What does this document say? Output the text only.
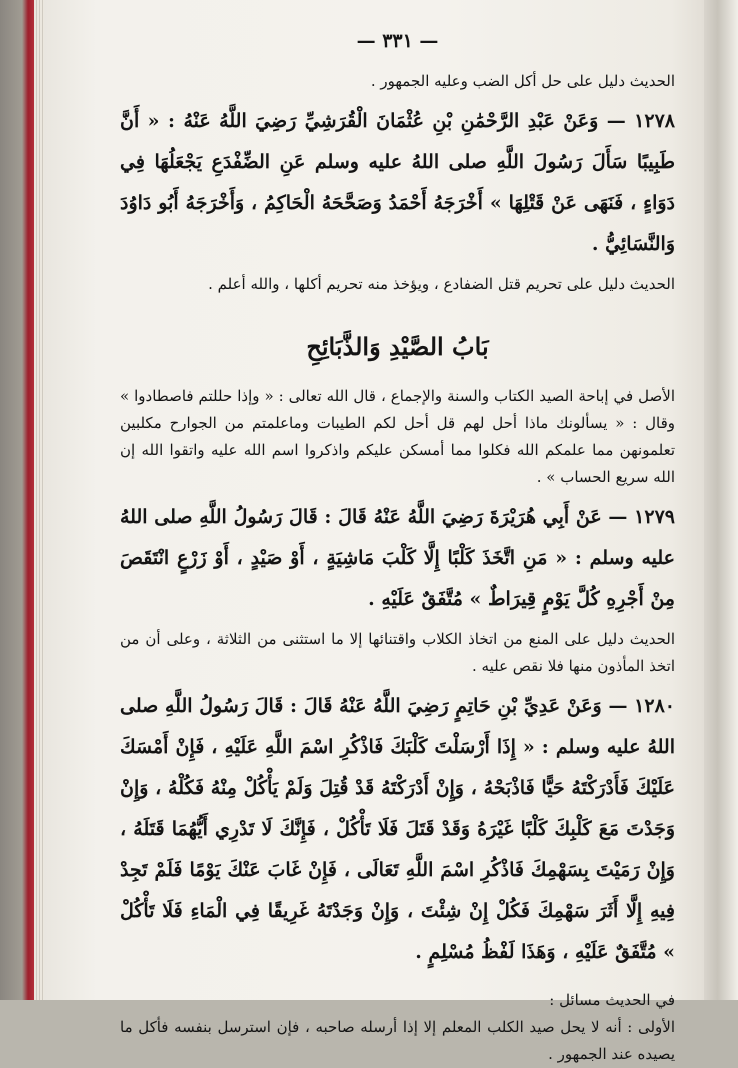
— ٣٣١ —

الحديث دليل على حل أكل الضب وعليه الجمهور .

١٢٧٨ — وَعَنْ عَبْدِ الرَّحْمَٰنِ بْنِ عُثْمَانَ الْقُرَشِيِّ رَضِيَ اللَّهُ عَنْهُ : « أَنَّ طَبِيبًا سَأَلَ رَسُولَ اللَّهِ صلى اللهُ عليه وسلم عَنِ الضِّفْدَعِ يَجْعَلُهَا فِي دَوَاءٍ ، فَنَهَى عَنْ قَتْلِهَا » أَخْرَجَهُ أَحْمَدُ وَصَحَّحَهُ الْحَاكِمُ ، وَأَخْرَجَهُ أَبُو دَاوُدَ وَالنَّسَائِيُّ .

الحديث دليل على تحريم قتل الضفادع ، ويؤخذ منه تحريم أكلها ، والله أعلم .

بَابُ الصَّيْدِ وَالذَّبَائِحِ

الأصل في إباحة الصيد الكتاب والسنة والإجماع ، قال الله تعالى : « وإذا حللتم فاصطادوا » وقال : « يسألونك ماذا أحل لهم قل أحل لكم الطيبات وماعلمتم من الجوارح مكلبين تعلمونهن مما علمكم الله فكلوا مما أمسكن عليكم واذكروا اسم الله عليه واتقوا الله إن الله سريع الحساب » .

١٢٧٩ — عَنْ أَبِي هُرَيْرَةَ رَضِيَ اللَّهُ عَنْهُ قَالَ : قَالَ رَسُولُ اللَّهِ صلى اللهُ عليه وسلم : « مَنِ اتَّخَذَ كَلْبًا إِلَّا كَلْبَ مَاشِيَةٍ ، أَوْ صَيْدٍ ، أَوْ زَرْعٍ انْتَقَصَ مِنْ أَجْرِهِ كُلَّ يَوْمٍ قِيرَاطٌ » مُتَّفَقٌ عَلَيْهِ .

الحديث دليل على المنع من اتخاذ الكلاب واقتنائها إلا ما استثنى من الثلاثة ، وعلى أن من اتخذ المأذون منها فلا نقص عليه .

١٢٨٠ — وَعَنْ عَدِيِّ بْنِ حَاتِمٍ رَضِيَ اللَّهُ عَنْهُ قَالَ : قَالَ رَسُولُ اللَّهِ صلى اللهُ عليه وسلم : « إِذَا أَرْسَلْتَ كَلْبَكَ فَاذْكُرِ اسْمَ اللَّهِ عَلَيْهِ ، فَإِنْ أَمْسَكَ عَلَيْكَ فَأَدْرَكْتَهُ حَيًّا فَاذْبَحْهُ ، وَإِنْ أَدْرَكْتَهُ قَدْ قُتِلَ وَلَمْ يَأْكُلْ مِنْهُ فَكُلْهُ ، وَإِنْ وَجَدْتَ مَعَ كَلْبِكَ كَلْبًا غَيْرَهُ وَقَدْ قَتَلَ فَلَا تَأْكُلْ ، فَإِنَّكَ لَا تَدْرِي أَيُّهُمَا قَتَلَهُ ، وَإِنْ رَمَيْتَ بِسَهْمِكَ فَاذْكُرِ اسْمَ اللَّهِ تَعَالَى ، فَإِنْ غَابَ عَنْكَ يَوْمًا فَلَمْ تَجِدْ فِيهِ إِلَّا أَثَرَ سَهْمِكَ فَكُلْ إِنْ شِئْتَ ، وَإِنْ وَجَدْتَهُ غَرِيقًا فِي الْمَاءِ فَلَا تَأْكُلْ » مُتَّفَقٌ عَلَيْهِ ، وَهَذَا لَفْظُ مُسْلِمٍ .

في الحديث مسائل :

الأولى : أنه لا يحل صيد الكلب المعلم إلا إذا أرسله صاحبه ، فإن استرسل بنفسه فأكل ما يصيده عند الجمهور .
